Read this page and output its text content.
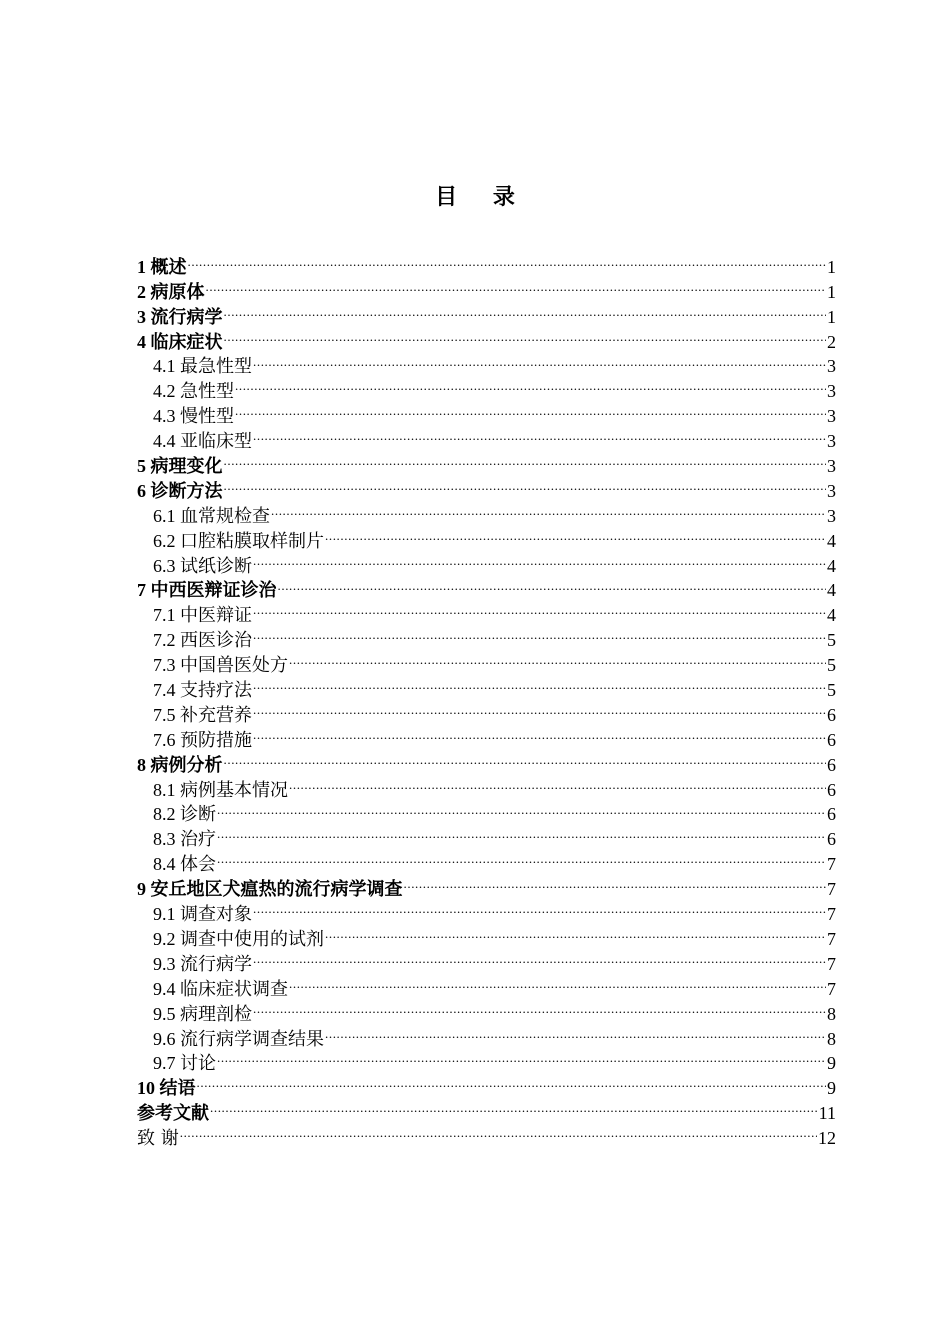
目 录
1 概述 .....	1
2 病原体 .....	1
3 流行病学 .....	1
4 临床症状 .....	2
4.1 最急性型 .....	3
4.2 急性型 .....	3
4.3 慢性型 .....	3
4.4 亚临床型 .....	3
5 病理变化 .....	3
6 诊断方法 .....	3
6.1 血常规检查 .....	3
6.2 口腔粘膜取样制片 .....	4
6.3 试纸诊断 .....	4
7 中西医辩证诊治 .....	4
7.1 中医辩证 .....	4
7.2 西医诊治 .....	5
7.3 中国兽医处方 .....	5
7.4 支持疗法 .....	5
7.5 补充营养 .....	6
7.6 预防措施 .....	6
8 病例分析 .....	6
8.1 病例基本情况 .....	6
8.2 诊断 .....	6
8.3 治疗 .....	6
8.4 体会 .....	7
9 安丘地区犬瘟热的流行病学调查 .....	7
9.1 调查对象 .....	7
9.2 调查中使用的试剂 .....	7
9.3 流行病学 .....	7
9.4 临床症状调查 .....	7
9.5 病理剖检 .....	8
9.6 流行病学调查结果 .....	8
9.7 讨论 .....	9
10 结语 .....	9
参考文献 .....	11
致 谢 .....	12
